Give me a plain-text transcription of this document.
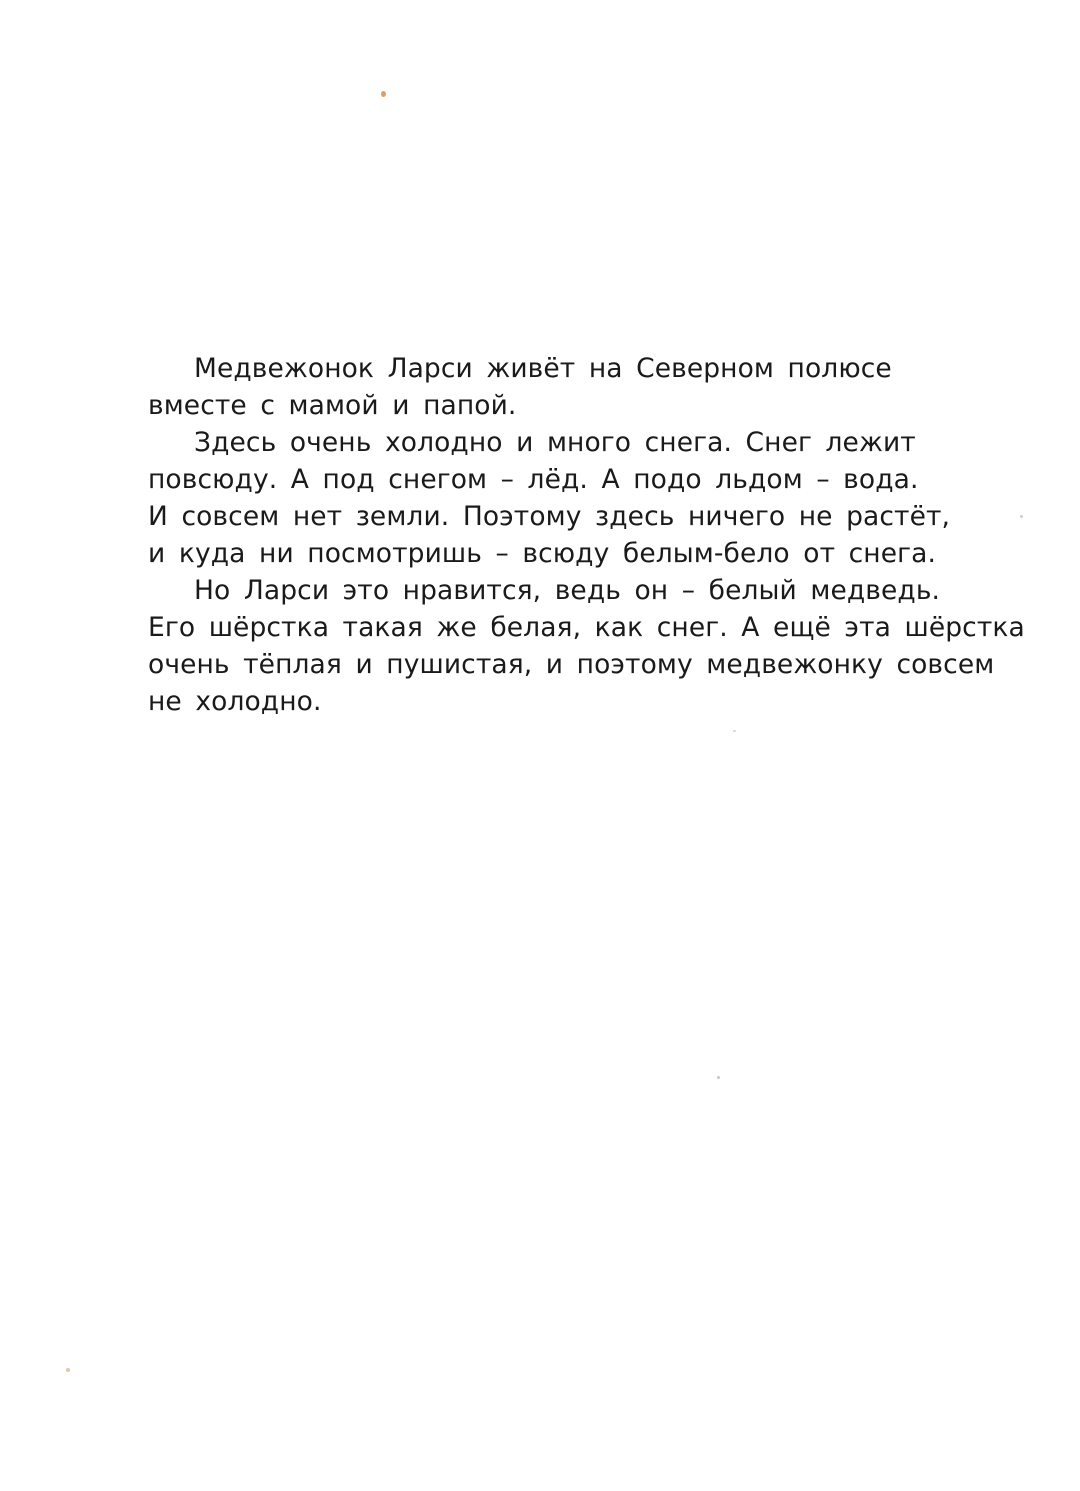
Медвежонок Ларси живёт на Северном полюсе
вместе с мамой и папой.
Здесь очень холодно и много снега. Снег лежит
повсюду. А под снегом – лёд. А подо льдом – вода.
И совсем нет земли. Поэтому здесь ничего не растёт,
и куда ни посмотришь – всюду белым-бело от снега.
Но Ларси это нравится, ведь он – белый медведь.
Его шёрстка такая же белая, как снег. А ещё эта шёрстка
очень тёплая и пушистая, и поэтому медвежонку совсем
не холодно.
